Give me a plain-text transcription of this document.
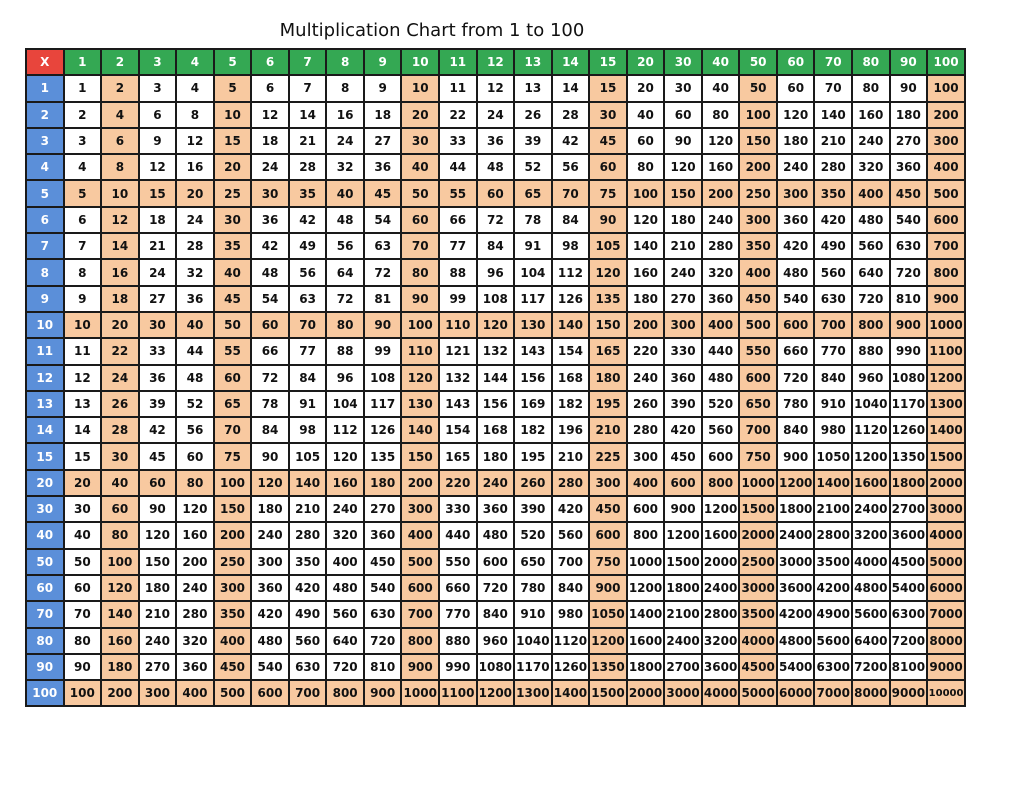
Multiplication Chart from 1 to 100
X	1	2	3	4	5	6	7	8	9	10	11	12	13	14	15	20	30	40	50	60	70	80	90	100
1	1	2	3	4	5	6	7	8	9	10	11	12	13	14	15	20	30	40	50	60	70	80	90	100
2	2	4	6	8	10	12	14	16	18	20	22	24	26	28	30	40	60	80	100	120	140	160	180	200
3	3	6	9	12	15	18	21	24	27	30	33	36	39	42	45	60	90	120	150	180	210	240	270	300
4	4	8	12	16	20	24	28	32	36	40	44	48	52	56	60	80	120	160	200	240	280	320	360	400
5	5	10	15	20	25	30	35	40	45	50	55	60	65	70	75	100	150	200	250	300	350	400	450	500
6	6	12	18	24	30	36	42	48	54	60	66	72	78	84	90	120	180	240	300	360	420	480	540	600
7	7	14	21	28	35	42	49	56	63	70	77	84	91	98	105	140	210	280	350	420	490	560	630	700
8	8	16	24	32	40	48	56	64	72	80	88	96	104	112	120	160	240	320	400	480	560	640	720	800
9	9	18	27	36	45	54	63	72	81	90	99	108	117	126	135	180	270	360	450	540	630	720	810	900
10	10	20	30	40	50	60	70	80	90	100	110	120	130	140	150	200	300	400	500	600	700	800	900	1000
11	11	22	33	44	55	66	77	88	99	110	121	132	143	154	165	220	330	440	550	660	770	880	990	1100
12	12	24	36	48	60	72	84	96	108	120	132	144	156	168	180	240	360	480	600	720	840	960	1080	1200
13	13	26	39	52	65	78	91	104	117	130	143	156	169	182	195	260	390	520	650	780	910	1040	1170	1300
14	14	28	42	56	70	84	98	112	126	140	154	168	182	196	210	280	420	560	700	840	980	1120	1260	1400
15	15	30	45	60	75	90	105	120	135	150	165	180	195	210	225	300	450	600	750	900	1050	1200	1350	1500
20	20	40	60	80	100	120	140	160	180	200	220	240	260	280	300	400	600	800	1000	1200	1400	1600	1800	2000
30	30	60	90	120	150	180	210	240	270	300	330	360	390	420	450	600	900	1200	1500	1800	2100	2400	2700	3000
40	40	80	120	160	200	240	280	320	360	400	440	480	520	560	600	800	1200	1600	2000	2400	2800	3200	3600	4000
50	50	100	150	200	250	300	350	400	450	500	550	600	650	700	750	1000	1500	2000	2500	3000	3500	4000	4500	5000
60	60	120	180	240	300	360	420	480	540	600	660	720	780	840	900	1200	1800	2400	3000	3600	4200	4800	5400	6000
70	70	140	210	280	350	420	490	560	630	700	770	840	910	980	1050	1400	2100	2800	3500	4200	4900	5600	6300	7000
80	80	160	240	320	400	480	560	640	720	800	880	960	1040	1120	1200	1600	2400	3200	4000	4800	5600	6400	7200	8000
90	90	180	270	360	450	540	630	720	810	900	990	1080	1170	1260	1350	1800	2700	3600	4500	5400	6300	7200	8100	9000
100	100	200	300	400	500	600	700	800	900	1000	1100	1200	1300	1400	1500	2000	3000	4000	5000	6000	7000	8000	9000	10000
